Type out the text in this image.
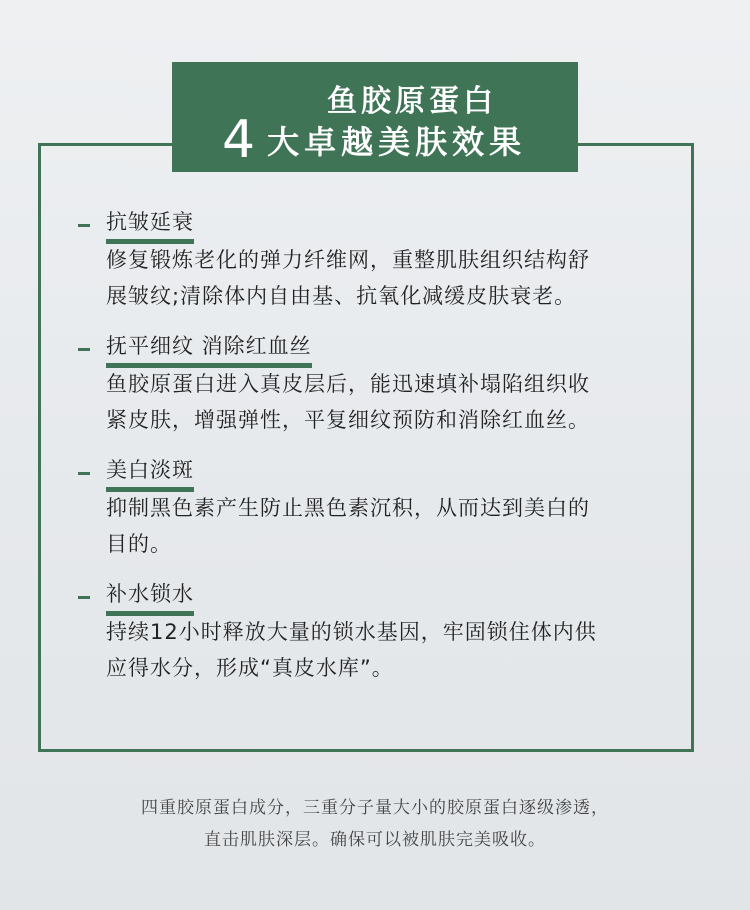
鱼胶原蛋白
4 大卓越美肤效果
抗皱延衰
修复锻炼老化的弹力纤维网，重整肌肤组织结构舒
展皱纹;清除体内自由基、抗氧化减缓皮肤衰老。
抚平细纹 消除红血丝
鱼胶原蛋白进入真皮层后，能迅速填补塌陷组织收
紧皮肤，增强弹性，平复细纹预防和消除红血丝。
美白淡斑
抑制黑色素产生防止黑色素沉积，从而达到美白的
目的。
补水锁水
持续12小时释放大量的锁水基因，牢固锁住体内供
应得水分，形成“真皮水库”。
四重胶原蛋白成分，三重分子量大小的胶原蛋白逐级渗透，
直击肌肤深层。确保可以被肌肤完美吸收。
